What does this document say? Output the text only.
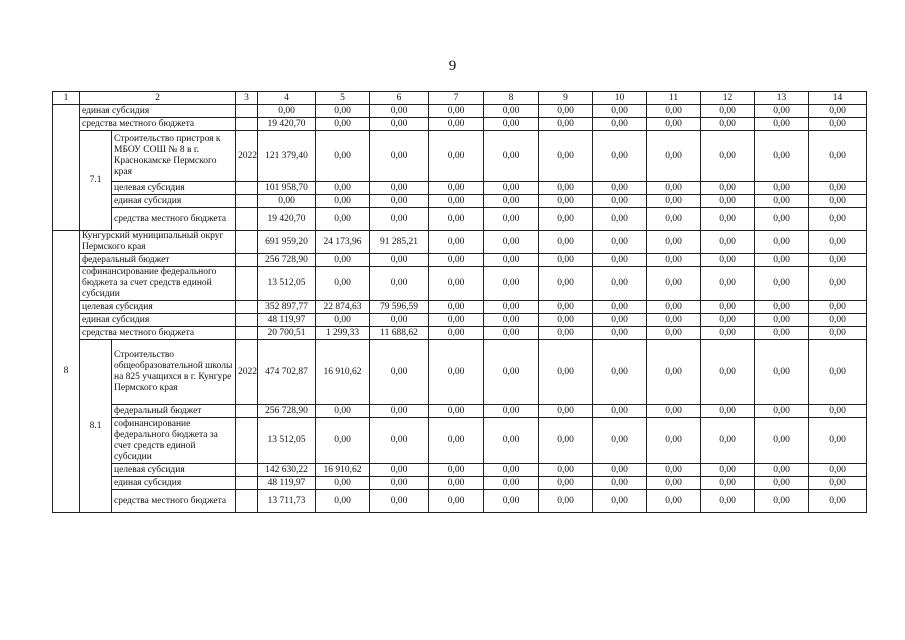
9
1	2		3	4	5	6	7	8	9	10	11	12	13	14
	единая субсидия			0,00	0,00	0,00	0,00	0,00	0,00	0,00	0,00	0,00	0,00	0,00
	средства местного бюджета			19 420,70	0,00	0,00	0,00	0,00	0,00	0,00	0,00	0,00	0,00	0,00
	7.1	Строительство пристроя к МБОУ СОШ № 8 в г. Краснокамске Пермского края	2022	121 379,40	0,00	0,00	0,00	0,00	0,00	0,00	0,00	0,00	0,00	0,00
		целевая субсидия		101 958,70	0,00	0,00	0,00	0,00	0,00	0,00	0,00	0,00	0,00	0,00
		единая субсидия		0,00	0,00	0,00	0,00	0,00	0,00	0,00	0,00	0,00	0,00	0,00
		средства местного бюджета		19 420,70	0,00	0,00	0,00	0,00	0,00	0,00	0,00	0,00	0,00	0,00
8	Кунгурский муниципальный округ Пермского края			691 959,20	24 173,96	91 285,21	0,00	0,00	0,00	0,00	0,00	0,00	0,00	0,00
	федеральный бюджет			256 728,90	0,00	0,00	0,00	0,00	0,00	0,00	0,00	0,00	0,00	0,00
	софинансирование федерального бюджета за счет средств единой субсидии			13 512,05	0,00	0,00	0,00	0,00	0,00	0,00	0,00	0,00	0,00	0,00
	целевая субсидия			352 897,77	22 874,63	79 596,59	0,00	0,00	0,00	0,00	0,00	0,00	0,00	0,00
	единая субсидия			48 119,97	0,00	0,00	0,00	0,00	0,00	0,00	0,00	0,00	0,00	0,00
	средства местного бюджета			20 700,51	1 299,33	11 688,62	0,00	0,00	0,00	0,00	0,00	0,00	0,00	0,00
	8.1	Строительство общеобразовательной школы на 825 учащихся в г. Кунгуре Пермского края	2022	474 702,87	16 910,62	0,00	0,00	0,00	0,00	0,00	0,00	0,00	0,00	0,00
		федеральный бюджет		256 728,90	0,00	0,00	0,00	0,00	0,00	0,00	0,00	0,00	0,00	0,00
		софинансирование федерального бюджета за счет средств единой субсидии		13 512,05	0,00	0,00	0,00	0,00	0,00	0,00	0,00	0,00	0,00	0,00
		целевая субсидия		142 630,22	16 910,62	0,00	0,00	0,00	0,00	0,00	0,00	0,00	0,00	0,00
		единая субсидия		48 119,97	0,00	0,00	0,00	0,00	0,00	0,00	0,00	0,00	0,00	0,00
		средства местного бюджета		13 711,73	0,00	0,00	0,00	0,00	0,00	0,00	0,00	0,00	0,00	0,00
